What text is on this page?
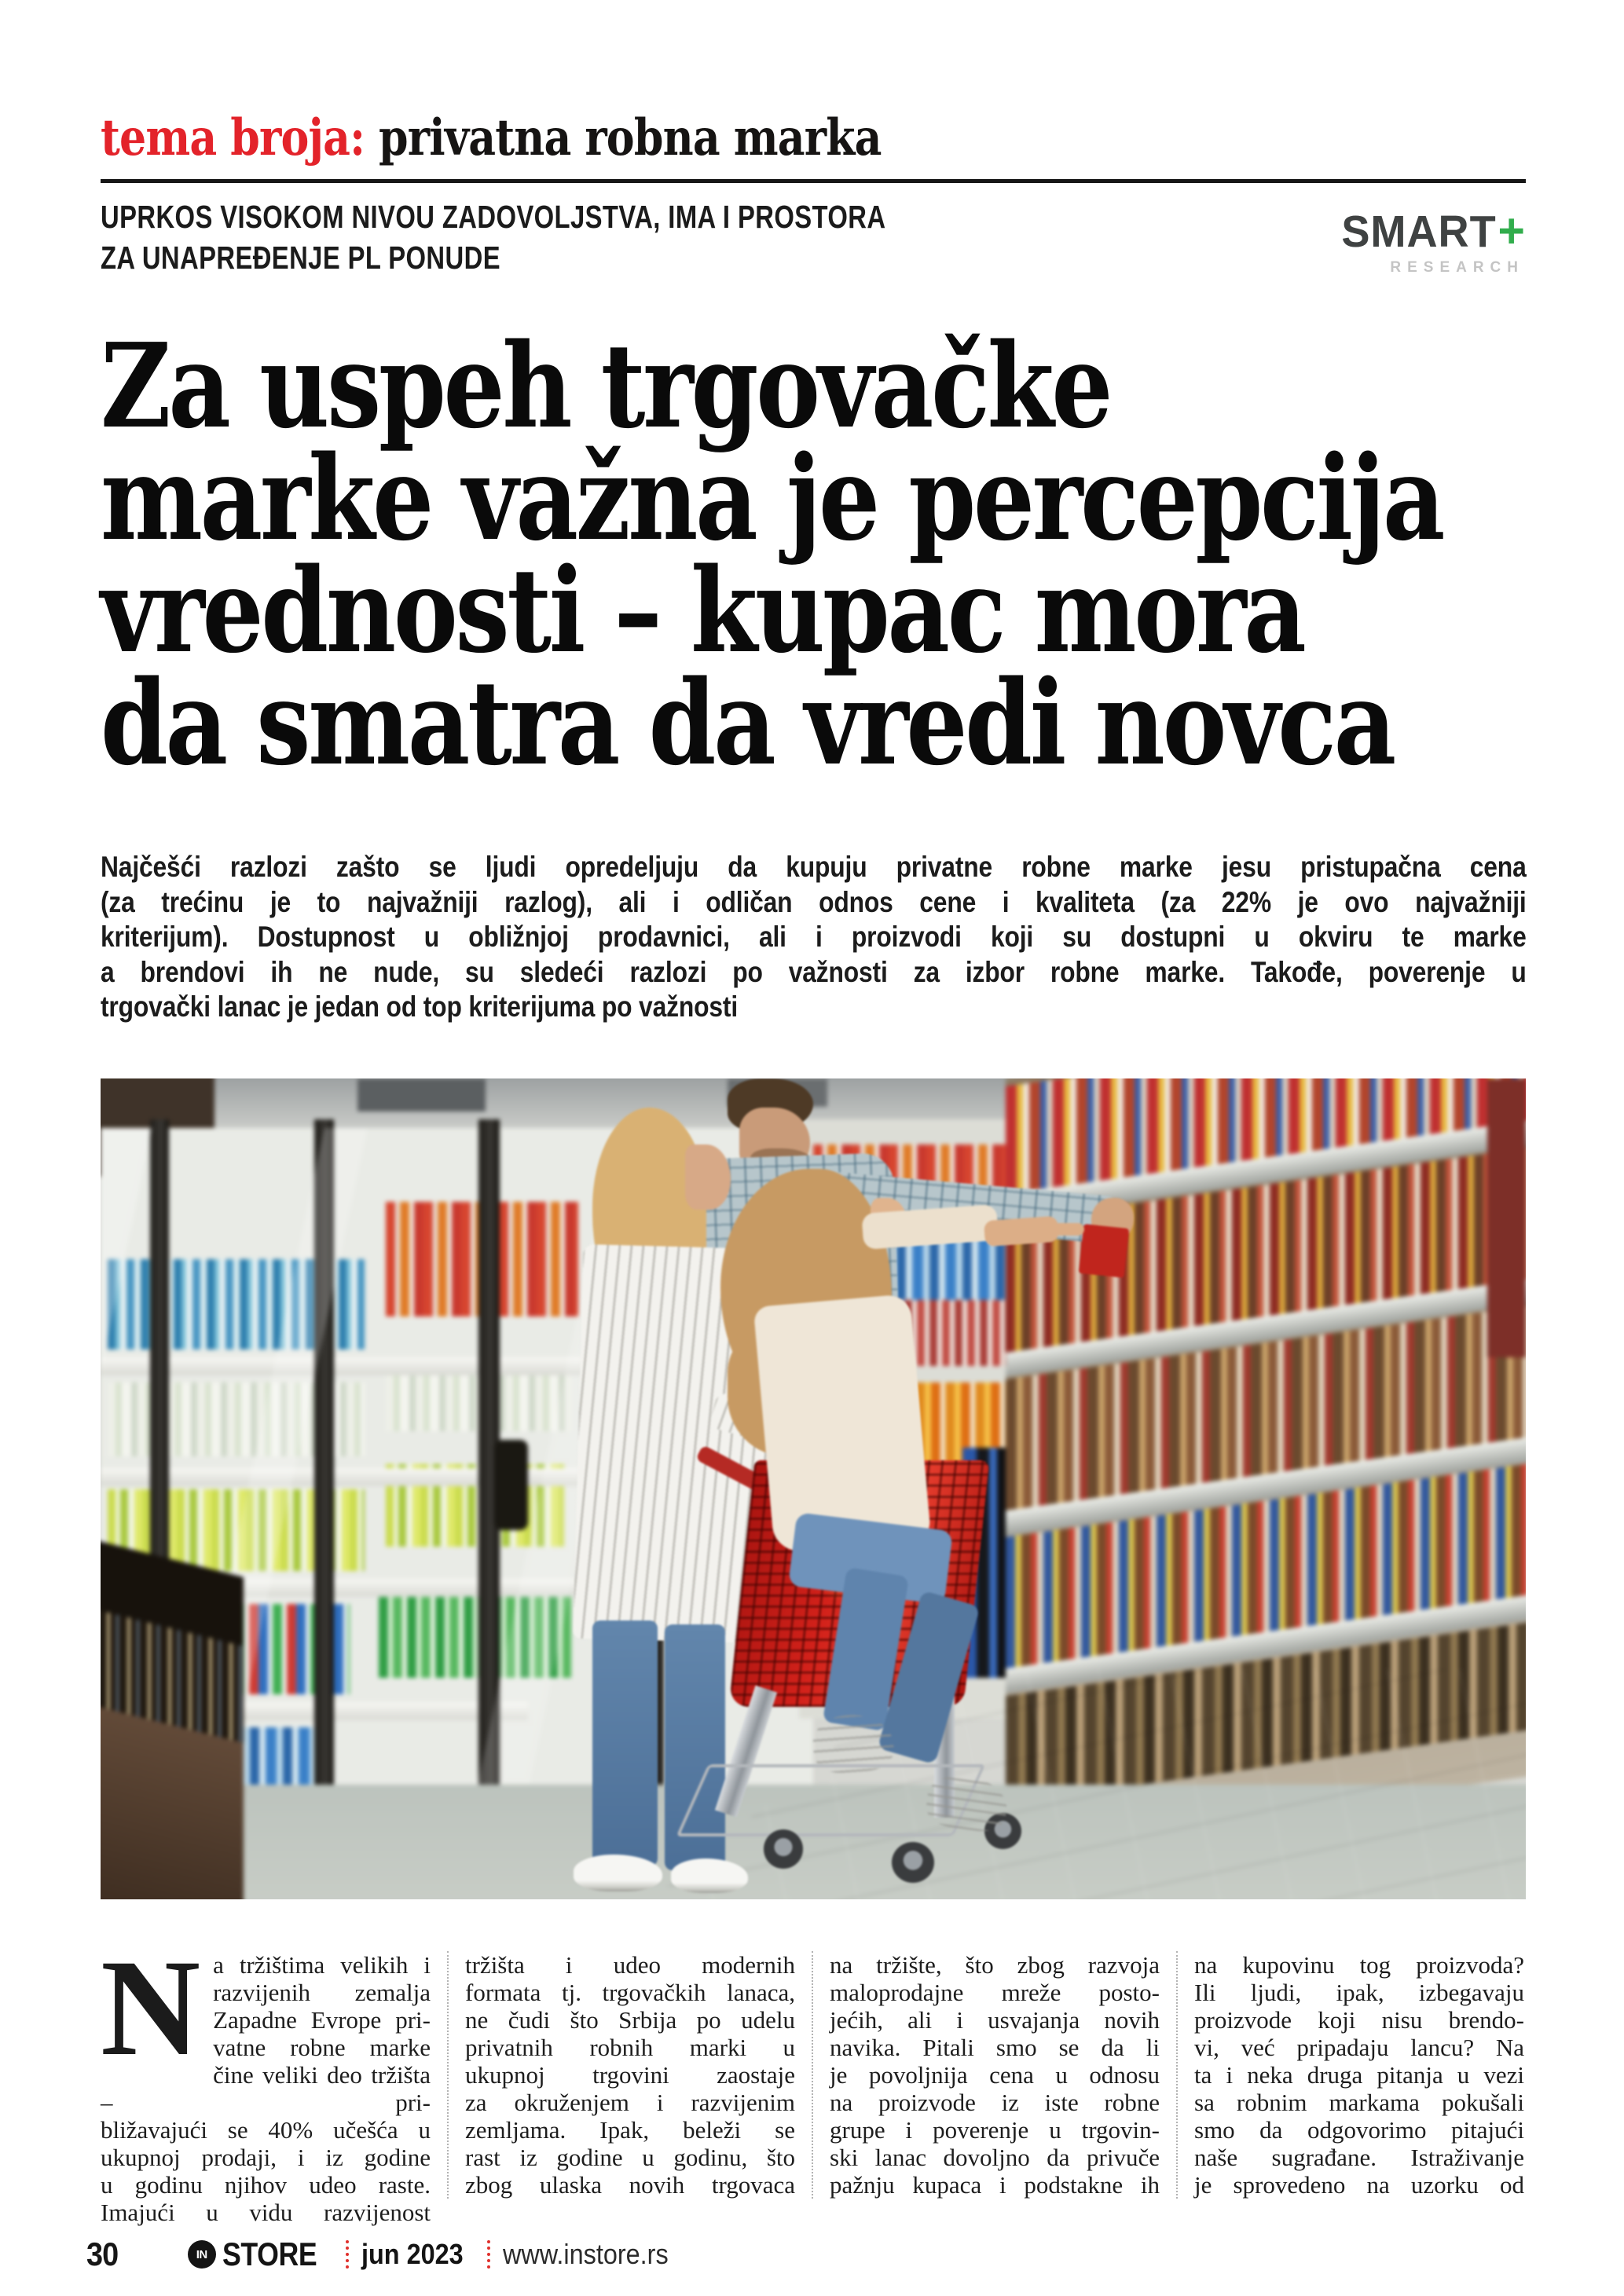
tema broja: privatna robna marka
UPRKOS VISOKOM NIVOU ZADOVOLJSTVA, IMA I PROSTORA
ZA UNAPREĐENJE PL PONUDE
SMART +
RESEARCH
Za uspeh trgovačke
marke važna je percepcija
vrednosti – kupac mora
da smatra da vredi novca

Najčešći razlozi zašto se ljudi opredeljuju da kupuju privatne robne marke jesu pristupačna cena
(za trećinu je to najvažniji razlog), ali i odličan odnos cene i kvaliteta (za 22% je ovo najvažniji
kriterijum). Dostupnost u obližnjoj prodavnici, ali i proizvodi koji su dostupni u okviru te marke
a brendovi ih ne nude, su sledeći razlozi po važnosti za izbor robne marke. Takođe, poverenje u
trgovački lanac je jedan od top kriterijuma po važnosti

Na tržištima velikih i
razvijenih zemalja
Zapadne Evrope pri-
vatne robne marke
čine veliki deo tržišta – pri-
bližavajući se 40% učešća u
ukupnoj prodaji, i iz godine
u godinu njihov udeo raste.
Imajući u vidu razvijenost
tržišta i udeo modernih
formata tj. trgovačkih lanaca,
ne čudi što Srbija po udelu
privatnih robnih marki u
ukupnoj trgovini zaostaje
za okruženjem i razvijenim
zemljama. Ipak, beleži se
rast iz godine u godinu, što
zbog ulaska novih trgovaca
na tržište, što zbog razvoja
maloprodajne mreže posto-
jećih, ali i usvajanja novih
navika. Pitali smo se da li
je povoljnija cena u odnosu
na proizvode iz iste robne
grupe i poverenje u trgovin-
ski lanac dovoljno da privuče
pažnju kupaca i podstakne ih
na kupovinu tog proizvoda?
Ili ljudi, ipak, izbegavaju
proizvode koji nisu brendo-
vi, već pripadaju lancu? Na
ta i neka druga pitanja u vezi
sa robnim markama pokušali
smo da odgovorimo pitajući
naše sugrađane. Istraživanje
je sprovedeno na uzorku od
30	IN STORE jun 2023 www.instore.rs
